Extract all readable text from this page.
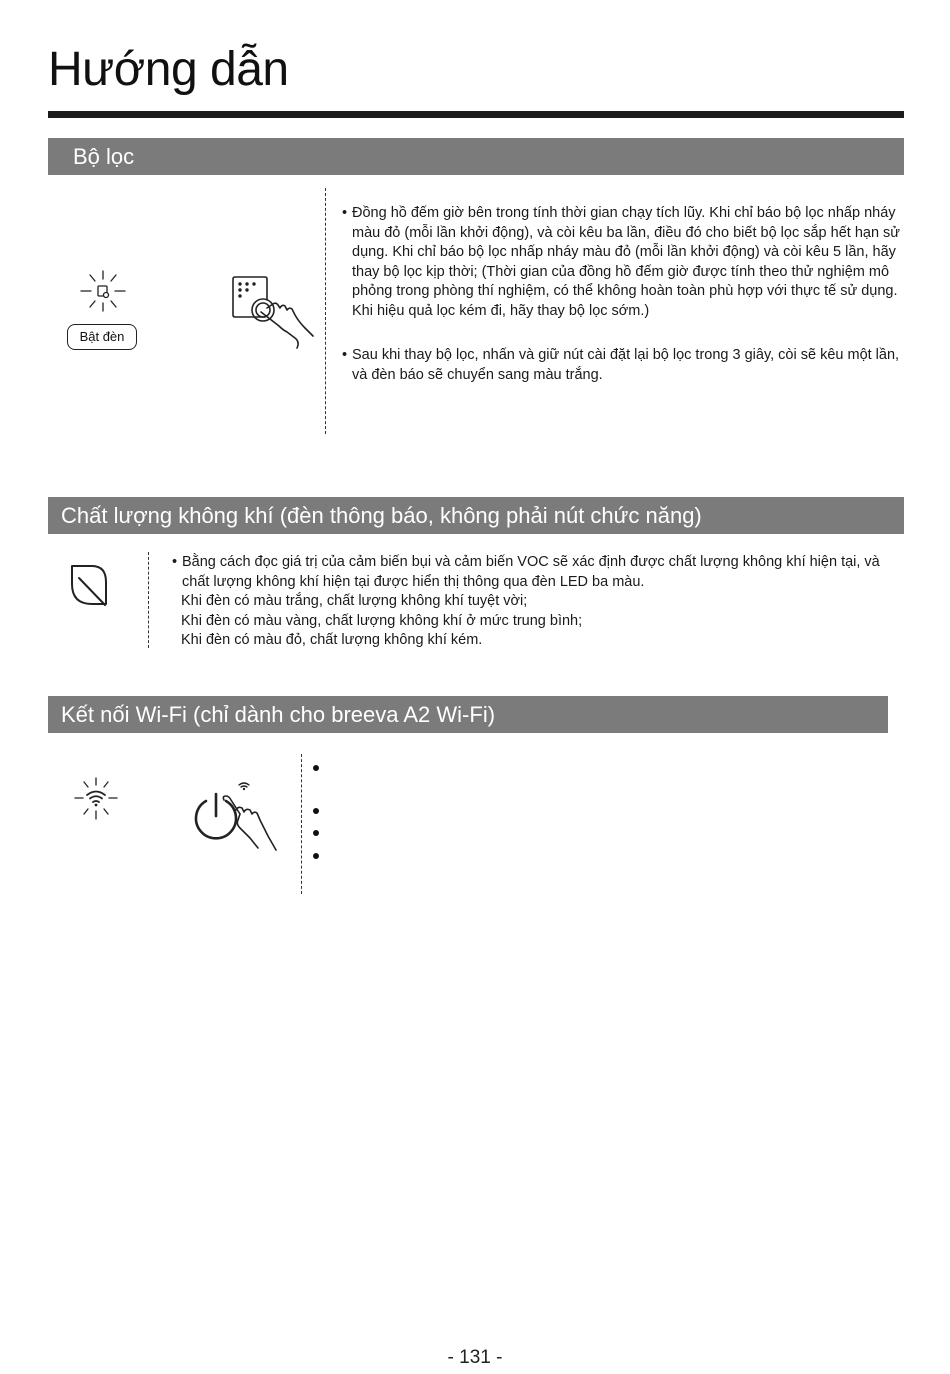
Hướng dẫn
Bộ lọc
Bật đèn
• Đồng hồ đếm giờ bên trong tính thời gian chạy tích lũy. Khi chỉ báo bộ lọc nhấp nháy màu đỏ (mỗi lần khởi động), và còi kêu ba lần, điều đó cho biết bộ lọc sắp hết hạn sử dụng. Khi chỉ báo bộ lọc nhấp nháy màu đỏ (mỗi lần khởi động) và còi kêu 5 lần, hãy thay bộ lọc kịp thời; (Thời gian của đồng hồ đếm giờ được tính theo thử nghiệm mô phỏng trong phòng thí nghiệm, có thể không hoàn toàn phù hợp với thực tế sử dụng. Khi hiệu quả lọc kém đi, hãy thay bộ lọc sớm.)
• Sau khi thay bộ lọc, nhấn và giữ nút cài đặt lại bộ lọc trong 3 giây, còi sẽ kêu một lần, và đèn báo sẽ chuyển sang màu trắng.
Chất lượng không khí (đèn thông báo, không phải nút chức năng)
• Bằng cách đọc giá trị của cảm biến bụi và cảm biến VOC sẽ xác định được chất lượng không khí hiện tại, và chất lượng không khí hiện tại được hiển thị thông qua đèn LED ba màu.
Khi đèn có màu trắng, chất lượng không khí tuyệt vời;
Khi đèn có màu vàng, chất lượng không khí ở mức trung bình;
Khi đèn có màu đỏ, chất lượng không khí kém.
Kết nối Wi-Fi (chỉ dành cho breeva A2 Wi-Fi)
- 131 -
